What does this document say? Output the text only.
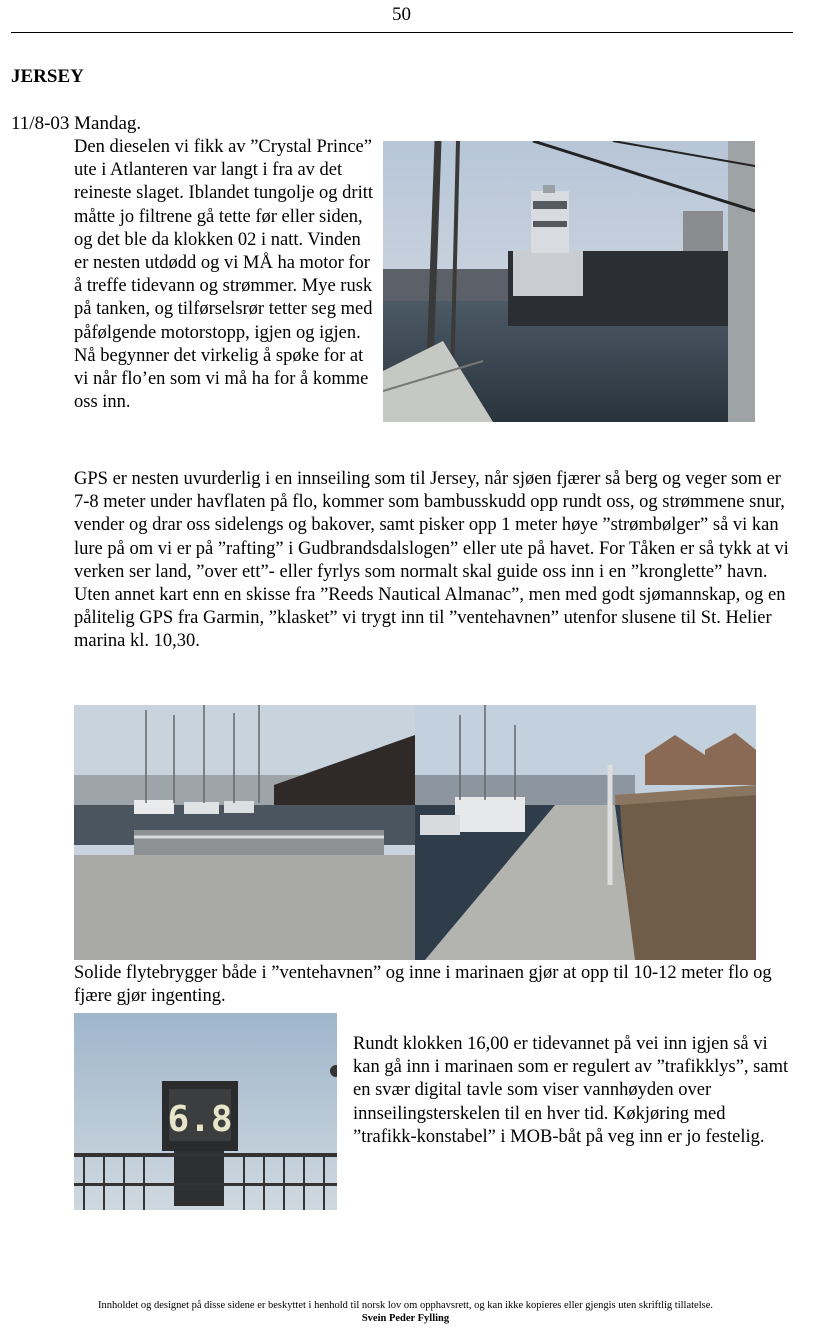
50
JERSEY
11/8-03 Mandag.
Den dieselen vi fikk av ”Crystal Prince” ute i Atlanteren var langt i fra av det reineste slaget. Iblandet tungolje og dritt måtte jo filtrene gå tette før eller siden, og det ble da klokken 02 i natt. Vinden er nesten utdødd og vi MÅ ha motor for å treffe tidevann og strømmer. Mye rusk på tanken, og tilførselsrør tetter seg med påfølgende motorstopp, igjen og igjen. Nå begynner det virkelig å spøke for at vi når flo’en som vi må ha for å komme oss inn.

GPS er nesten uvurderlig i en innseiling som til Jersey, når sjøen fjærer så berg og veger som er 7-8 meter under havflaten på flo, kommer som bambusskudd opp rundt oss, og strømmene snur, vender og drar oss sidelengs og bakover, samt pisker opp 1 meter høye ”strømbølger” så vi kan lure på om vi er på ”rafting” i Gudbrandsdalslogen” eller ute på havet. For Tåken er så tykk at vi verken ser land, ”over ett”- eller fyrlys som normalt skal guide oss inn i en ”kronglette” havn.

Uten annet kart enn en skisse fra ”Reeds Nautical Almanac”, men med godt sjømannskap, og en pålitelig GPS fra Garmin, ”klasket” vi trygt inn til ”ventehavnen” utenfor slusene til St. Helier marina kl. 10,30.

Solide flytebrygger både i ”ventehavnen” og inne i marinaen gjør at opp til 10-12 meter flo og fjære gjør ingenting.
6.8
Rundt klokken 16,00 er tidevannet på vei inn igjen så vi kan gå inn i marinaen som er regulert av ”trafikklys”, samt en svær digital tavle som viser vannhøyden over innseilingsterskelen til en hver tid. Køkjøring med ”trafikk-konstabel” i MOB-båt på veg inn er jo festelig.
Innholdet og designet på disse sidene er beskyttet i henhold til norsk lov om opphavsrett, og kan ikke kopieres eller gjengis uten skriftlig tillatelse.
Svein Peder Fylling
